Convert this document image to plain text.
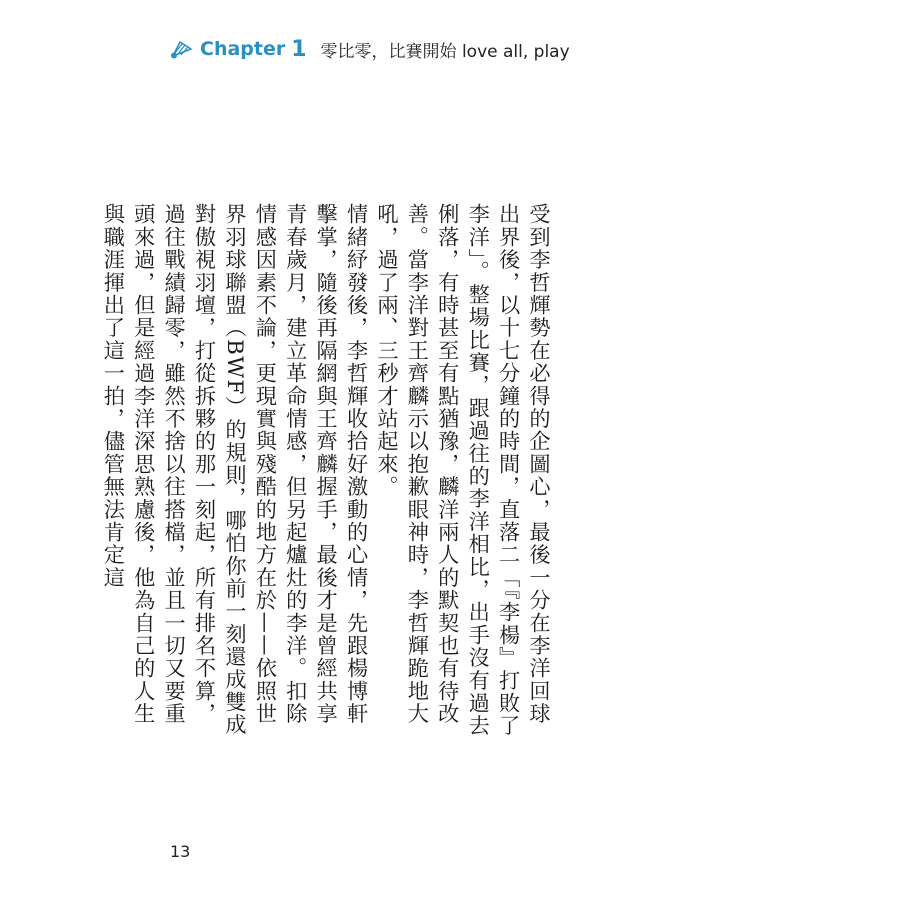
Chapter 1 零比零，比賽開始 love all, play

受到李哲輝勢在必得的企圖心，最後一分在李洋回球出界後，以十七分鐘的時間，直落二「『李楊』打敗了李洋」。整場比賽，跟過往的李洋相比，出手沒有過去俐落，有時甚至有點猶豫，麟洋兩人的默契也有待改善。當李洋對王齊麟示以抱歉眼神時，李哲輝跪地大吼，過了兩、三秒才站起來。

情緒紓發後，李哲輝收拾好激動的心情，先跟楊博軒擊掌，隨後再隔網與王齊麟握手，最後才是曾經共享青春歲月，建立革命情感，但另起爐灶的李洋。扣除情感因素不論，更現實與殘酷的地方在於——依照世界羽球聯盟（BWF）的規則，哪怕你前一刻還成雙成對傲視羽壇，打從拆夥的那一刻起，所有排名不算，過往戰績歸零，雖然不捨以往搭檔，並且一切又要重頭來過，但是經過李洋深思熟慮後，他為自己的人生與職涯揮出了這一拍，儘管無法肯定這

13
